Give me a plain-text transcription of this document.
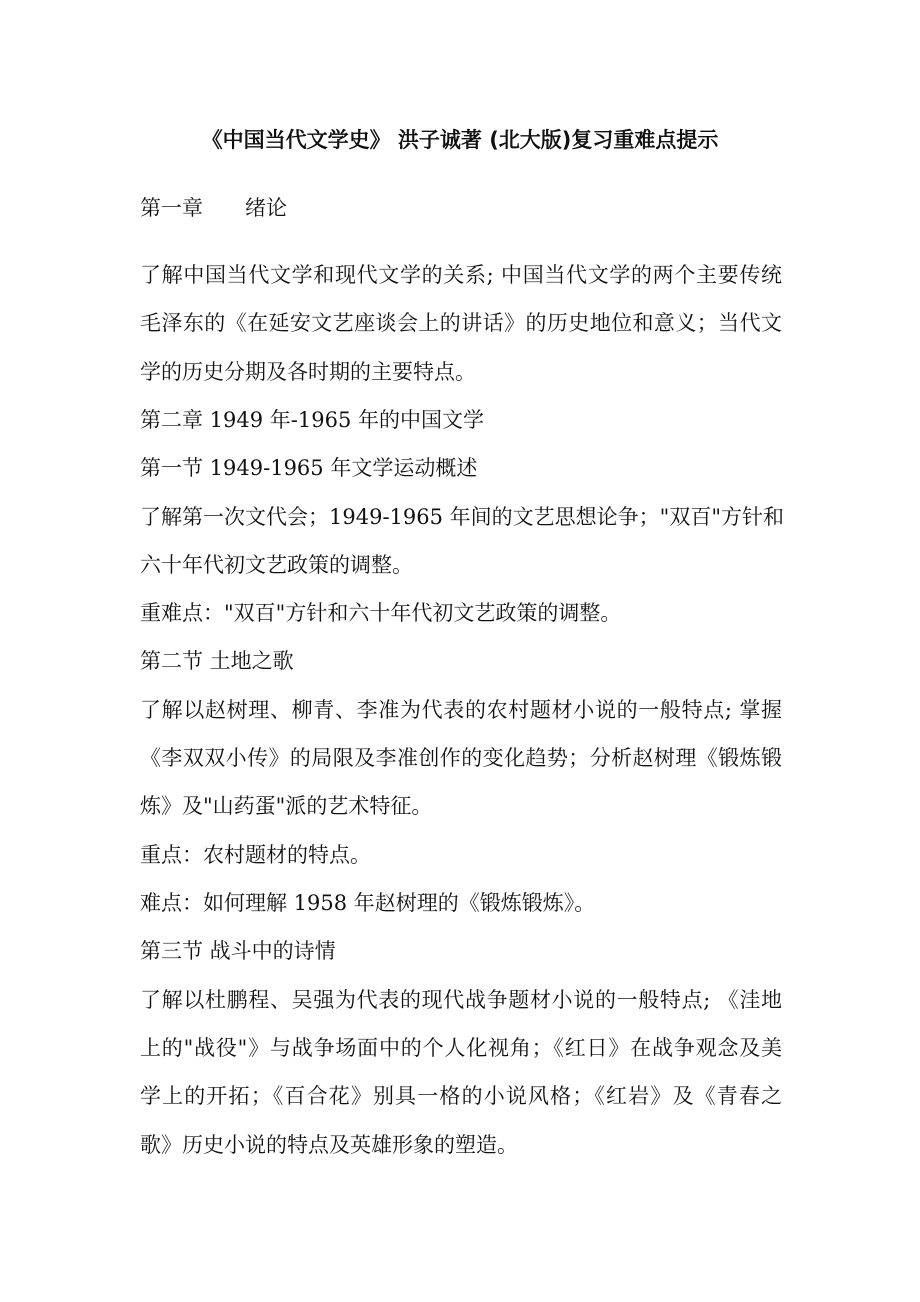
《中国当代文学史》 洪子诚著 (北大版)复习重难点提示
第一章　　绪论
了解中国当代文学和现代文学的关系; 中国当代文学的两个主要传统
毛泽东的《在延安文艺座谈会上的讲话》的历史地位和意义；当代文
学的历史分期及各时期的主要特点。
第二章 1949 年-1965 年的中国文学
第一节 1949-1965 年文学运动概述
了解第一次文代会；1949-1965 年间的文艺思想论争；"双百"方针和
六十年代初文艺政策的调整。
重难点："双百"方针和六十年代初文艺政策的调整。
第二节 土地之歌
了解以赵树理、柳青、李准为代表的农村题材小说的一般特点; 掌握
《李双双小传》的局限及李准创作的变化趋势；分析赵树理《锻炼锻
炼》及"山药蛋"派的艺术特征。
重点：农村题材的特点。
难点：如何理解 1958 年赵树理的《锻炼锻炼》。
第三节 战斗中的诗情
了解以杜鹏程、吴强为代表的现代战争题材小说的一般特点; 《洼地
上的"战役"》与战争场面中的个人化视角；《红日》在战争观念及美
学上的开拓；《百合花》别具一格的小说风格；《红岩》及《青春之
歌》历史小说的特点及英雄形象的塑造。
